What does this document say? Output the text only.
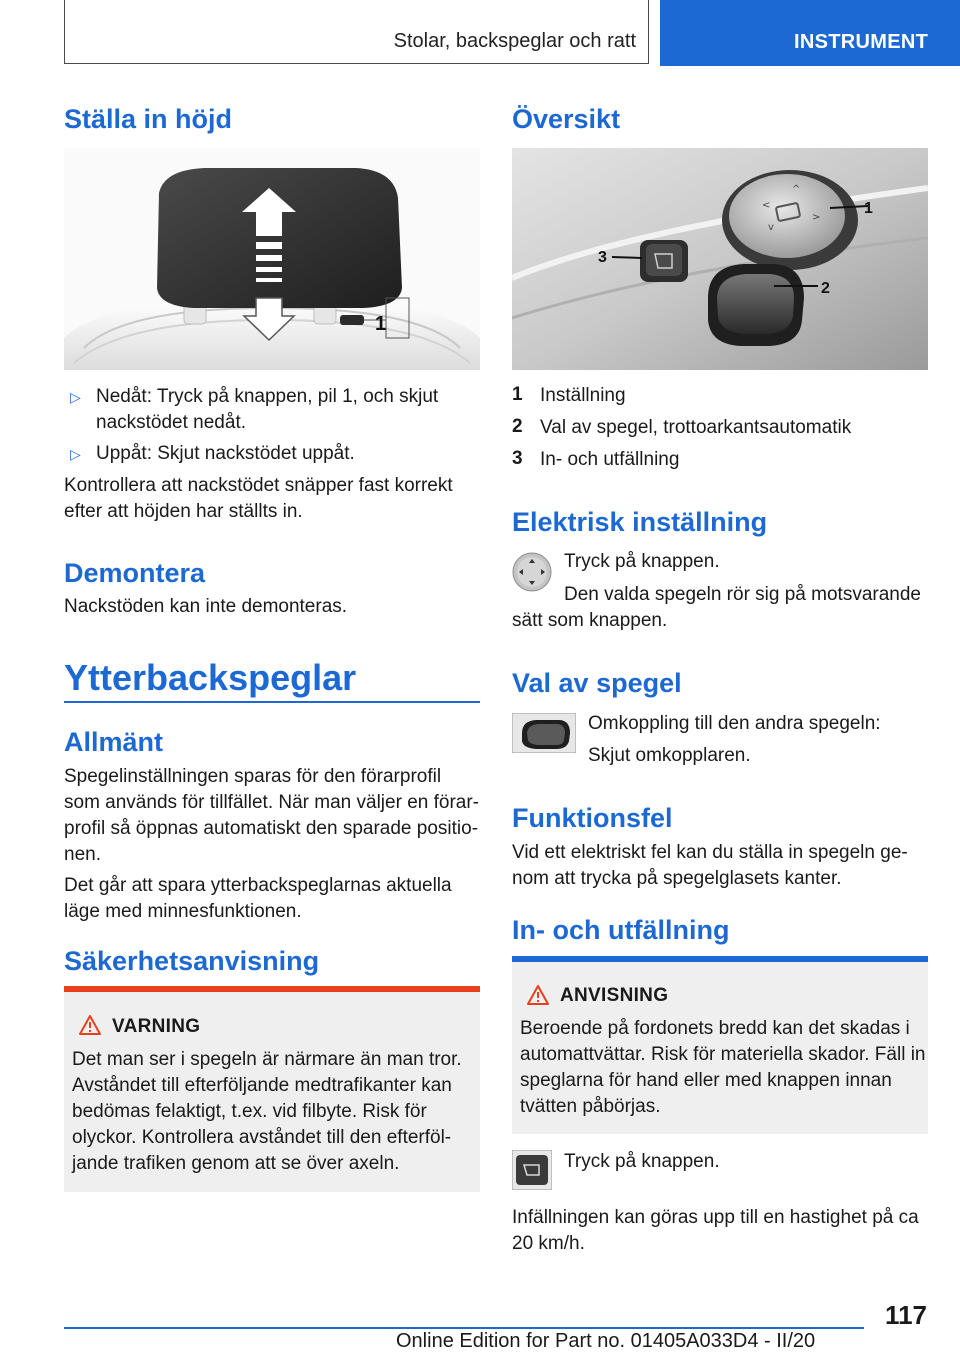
Stolar, backspeglar och ratt	INSTRUMENT
Ställa in höjd
1
▷ Nedåt: Tryck på knappen, pil 1, och skjut

nackstödet nedåt.

▷ Uppåt: Skjut nackstödet uppåt.

Kontrollera att nackstödet snäpper fast korrekt

efter att höjden har ställts in.

Demontera

Nackstöden kan inte demonteras.

Ytterbackspeglar
Allmänt

Spegelinställningen sparas för den förarprofil

som används för tillfället. När man väljer en förar-

profil så öppnas automatiskt den sparade positio-

nen.

Det går att spara ytterbackspeglarnas aktuella

läge med minnesfunktionen.

Säkerhetsanvisning
VARNING

Det man ser i spegeln är närmare än man tror.

Avståndet till efterföljande medtrafikanter kan

bedömas felaktigt, t.ex. vid filbyte. Risk för

olyckor. Kontrollera avståndet till den efterföl-

jande trafiken genom att se över axeln.

Översikt
^
<
>
v
1
3
2
1 Inställning

2 Val av spegel, trottoarkantsautomatik

3 In- och utfällning

Elektrisk inställning

Tryck på knappen.

Den valda spegeln rör sig på motsvarande

sätt som knappen.

Val av spegel

Omkoppling till den andra spegeln:

Skjut omkopplaren.

Funktionsfel

Vid ett elektriskt fel kan du ställa in spegeln ge-

nom att trycka på spegelglasets kanter.

In- och utfällning
ANVISNING

Beroende på fordonets bredd kan det skadas i

automattvättar. Risk för materiella skador. Fäll in

speglarna för hand eller med knappen innan

tvätten påbörjas.

Tryck på knappen.

Infällningen kan göras upp till en hastighet på ca

20 km/h.

117
Online Edition for Part no. 01405A033D4 - II/20
